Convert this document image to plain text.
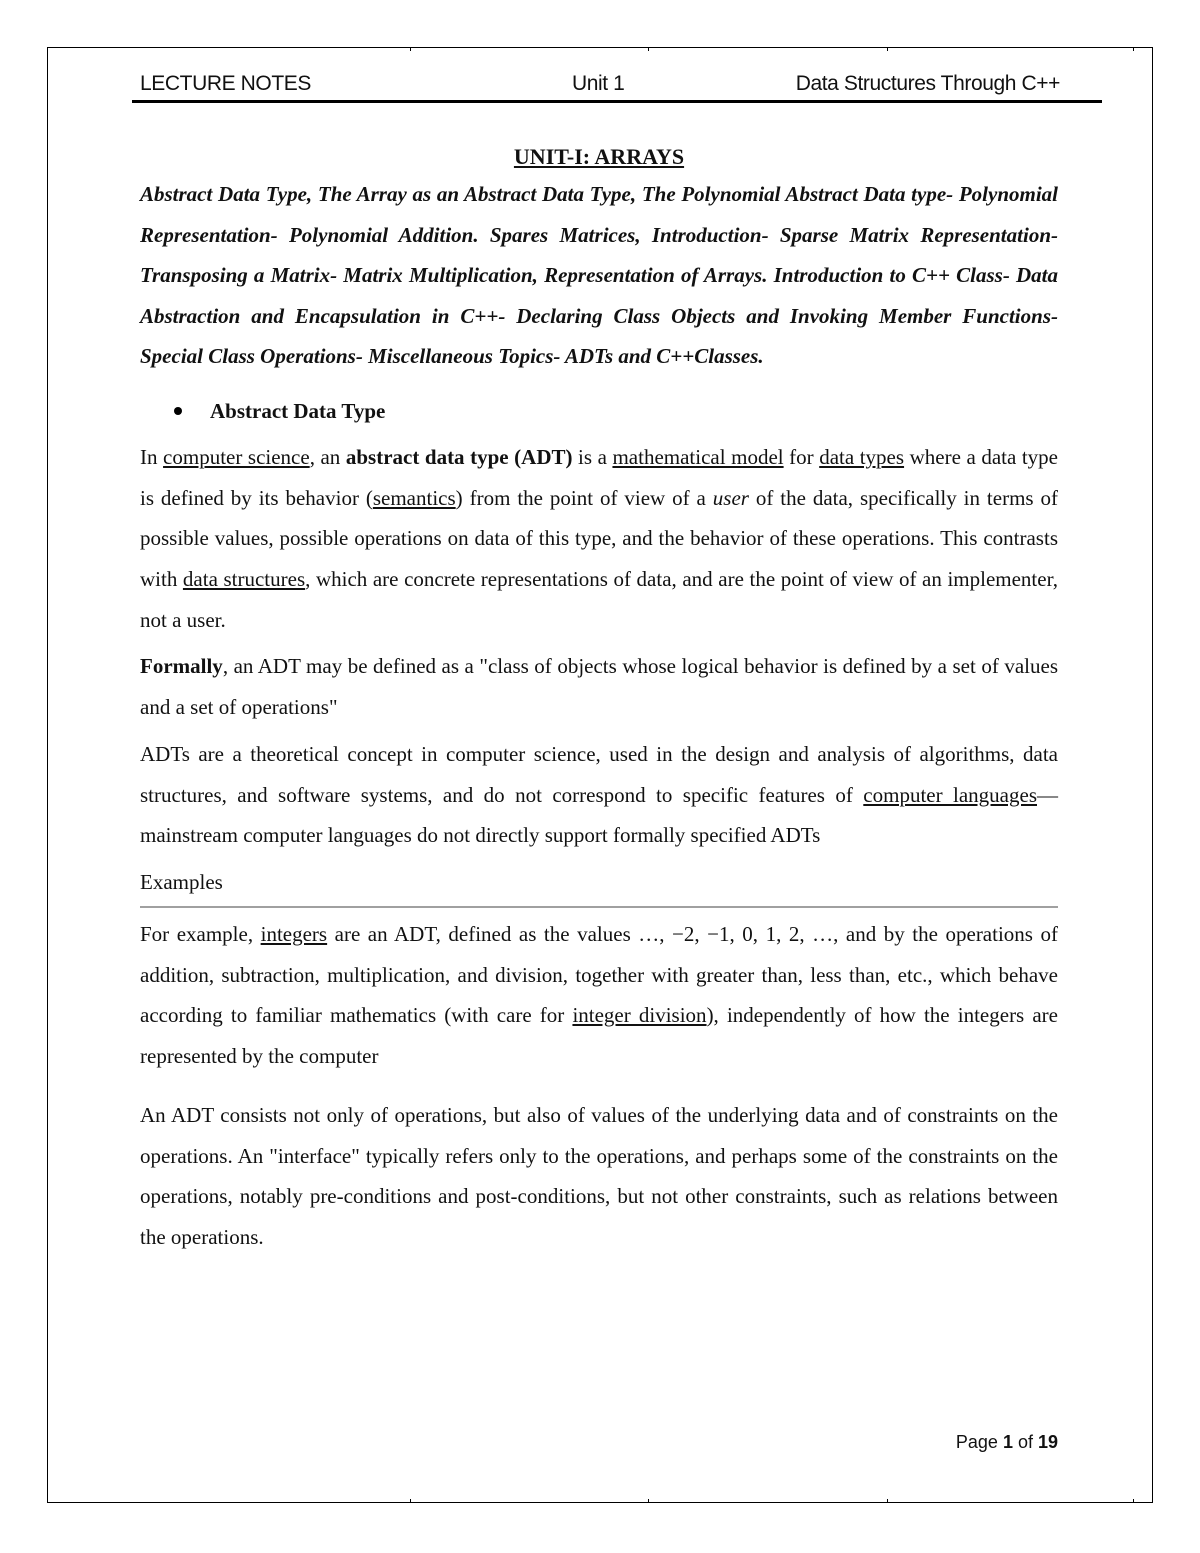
LECTURE NOTES	Unit 1	Data Structures Through C++
UNIT-I: ARRAYS

Abstract Data Type, The Array as an Abstract Data Type, The Polynomial Abstract Data type- Polynomial Representation- Polynomial Addition. Spares Matrices, Introduction- Sparse Matrix Representation- Transposing a Matrix- Matrix Multiplication, Representation of Arrays. Introduction to C++ Class- Data Abstraction and Encapsulation in C++- Declaring Class Objects and Invoking Member Functions- Special Class Operations- Miscellaneous Topics- ADTs and C++Classes.

Abstract Data Type

In computer science, an abstract data type (ADT) is a mathematical model for data types where a data type is defined by its behavior (semantics) from the point of view of a user of the data, specifically in terms of possible values, possible operations on data of this type, and the behavior of these operations. This contrasts with data structures, which are concrete representations of data, and are the point of view of an implementer, not a user.

Formally, an ADT may be defined as a "class of objects whose logical behavior is defined by a set of values and a set of operations"

ADTs are a theoretical concept in computer science, used in the design and analysis of algorithms, data structures, and software systems, and do not correspond to specific features of computer languages—mainstream computer languages do not directly support formally specified ADTs

Examples

For example, integers are an ADT, defined as the values …, −2, −1, 0, 1, 2, …, and by the operations of addition, subtraction, multiplication, and division, together with greater than, less than, etc., which behave according to familiar mathematics (with care for integer division), independently of how the integers are represented by the computer

An ADT consists not only of operations, but also of values of the underlying data and of constraints on the operations. An "interface" typically refers only to the operations, and perhaps some of the constraints on the operations, notably pre-conditions and post-conditions, but not other constraints, such as relations between the operations.

Page 1 of 19
